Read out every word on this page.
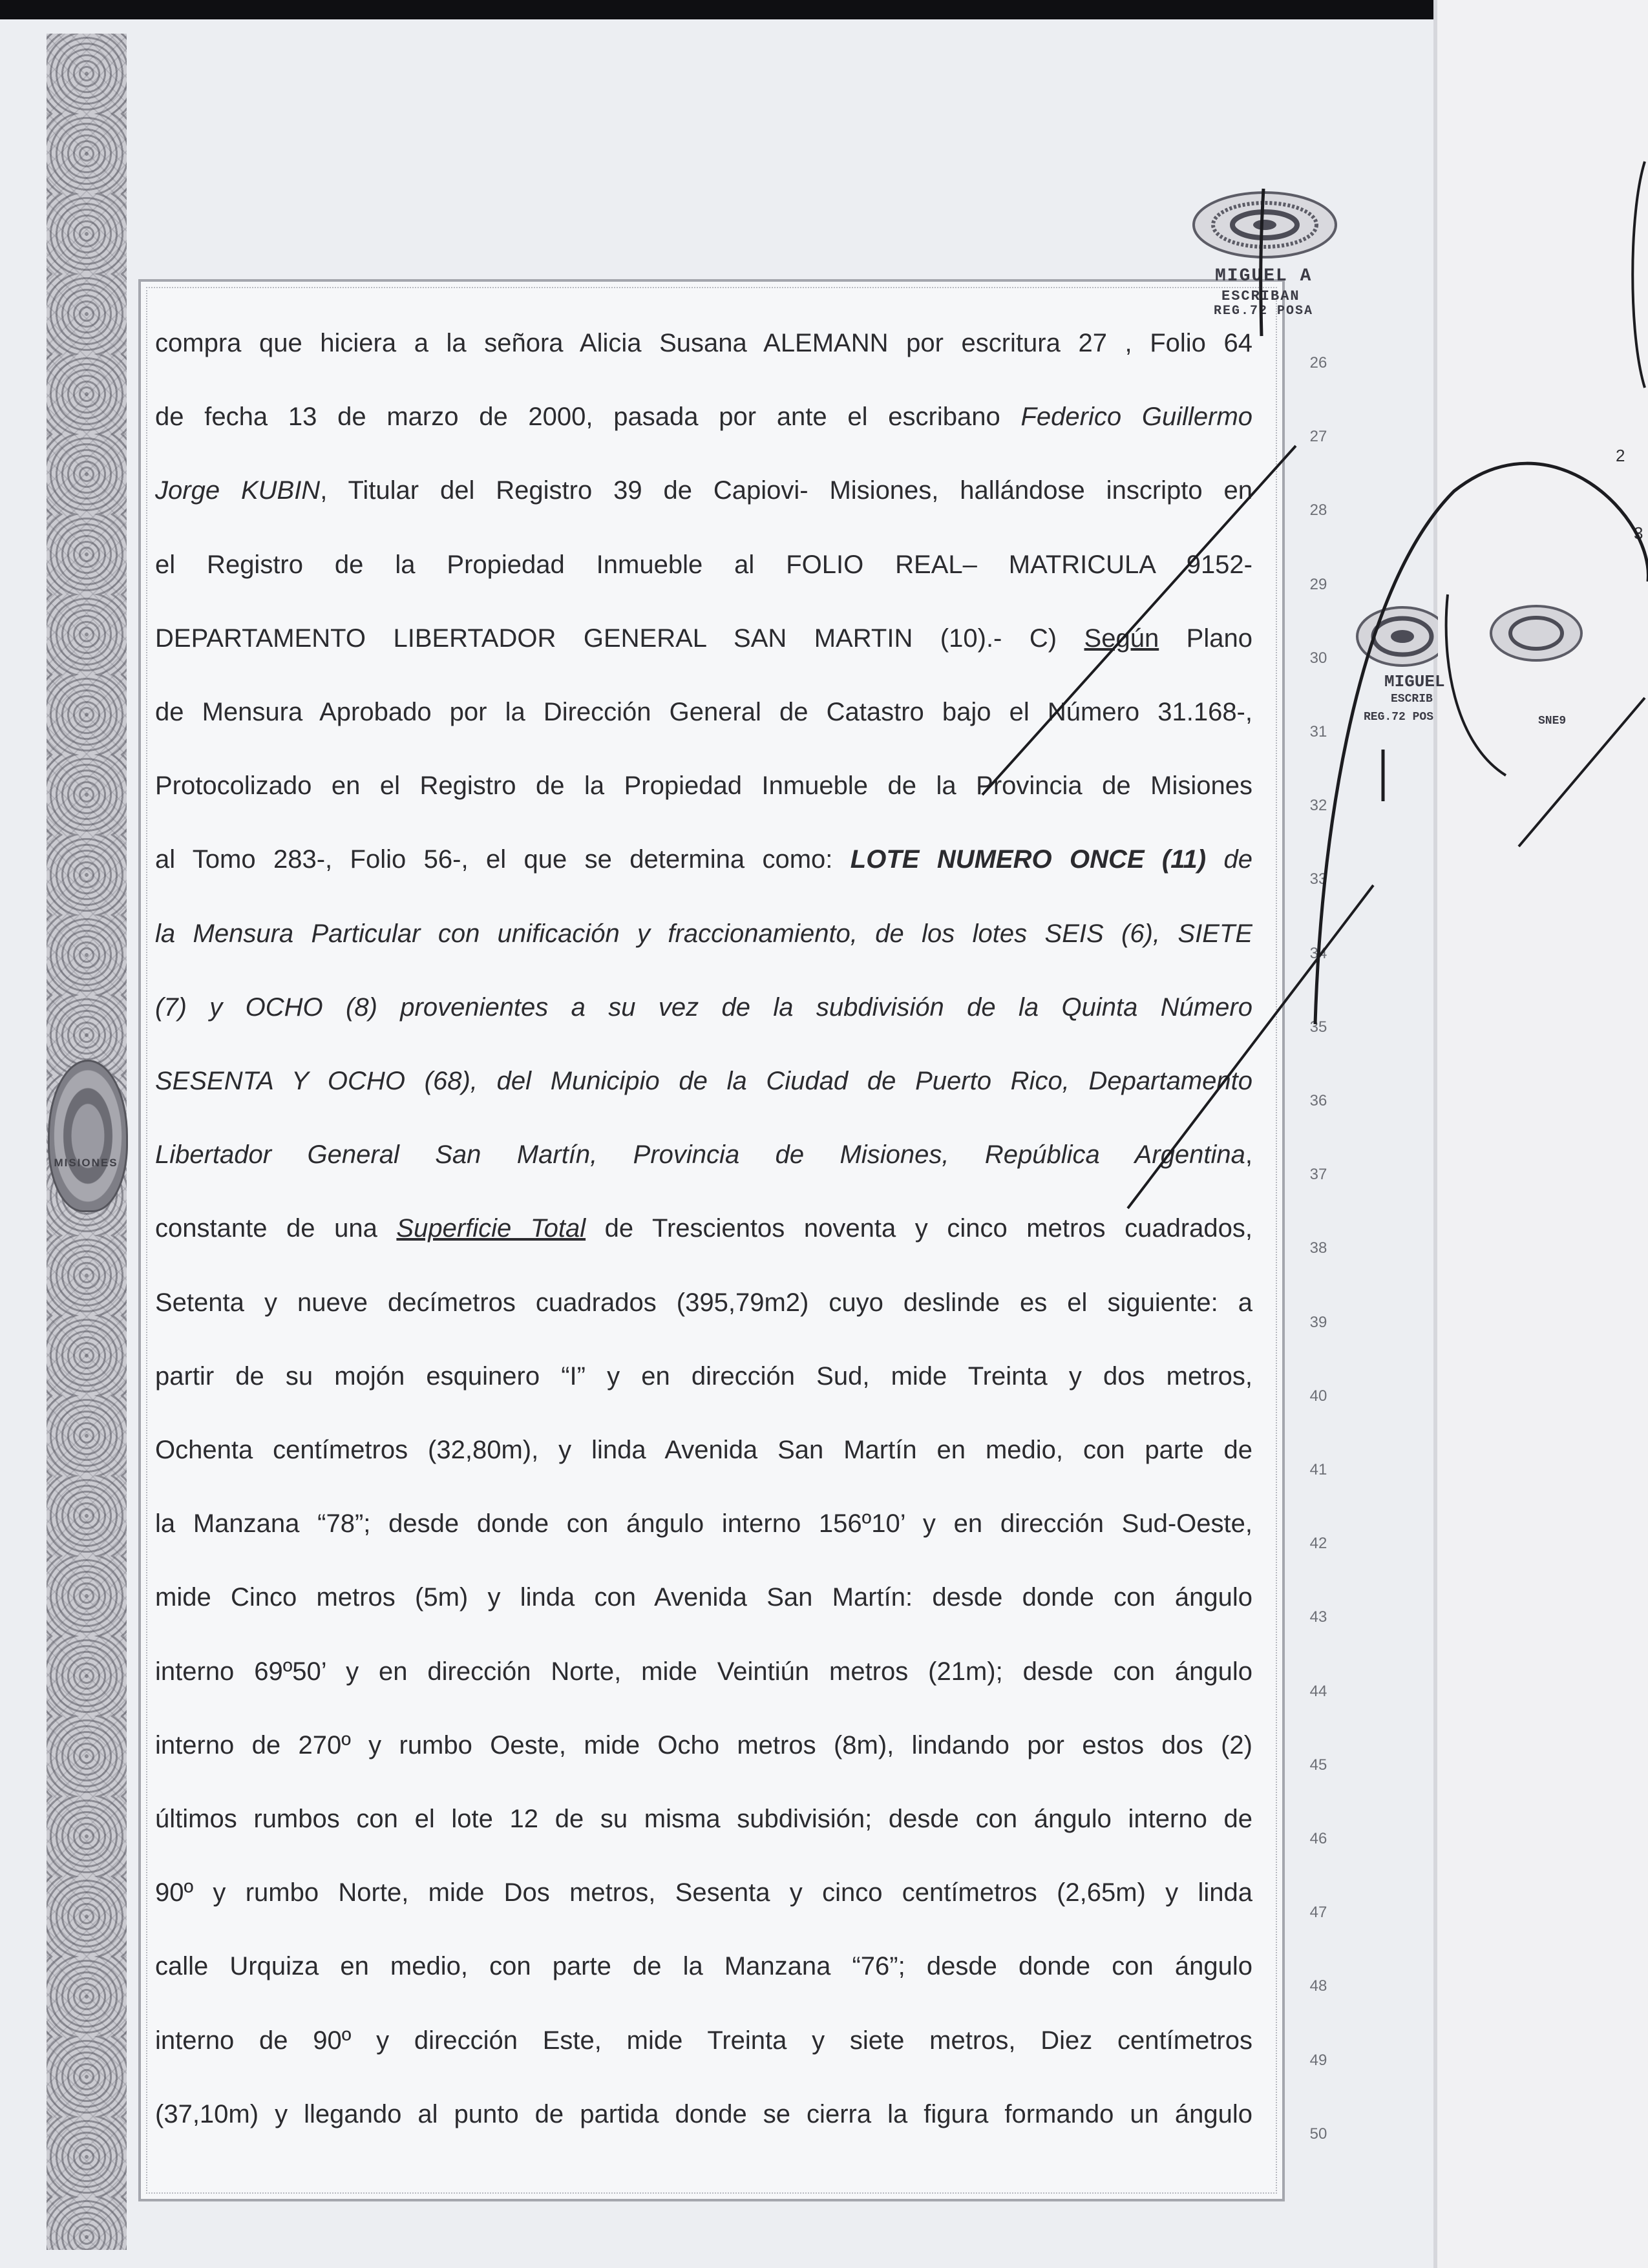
MISIONES
MIGUEL A
ESCRIBAN
REG.72 POSA
MIGUEL
ESCRIB
REG.72 POS	SNE9
2
3
compra que hiciera a la señora Alicia Susana ALEMANN por escritura 27 , Folio 64
de fecha 13 de marzo de 2000, pasada por ante el escribano Federico Guillermo
Jorge KUBIN, Titular del Registro 39 de Capiovi- Misiones, hallándose inscripto en
el Registro de la Propiedad Inmueble al FOLIO REAL– MATRICULA 9152-
DEPARTAMENTO LIBERTADOR GENERAL SAN MARTIN (10).- C) Según Plano
de Mensura Aprobado por la Dirección General de Catastro bajo el Número 31.168-,
Protocolizado en el Registro de la Propiedad Inmueble de la Provincia de Misiones
al Tomo 283-, Folio 56-, el que se determina como: LOTE NUMERO ONCE (11) de
la Mensura Particular con unificación y fraccionamiento, de los lotes SEIS (6), SIETE
(7) y OCHO (8) provenientes a su vez de la subdivisión de la Quinta Número
SESENTA Y OCHO (68), del Municipio de la Ciudad de Puerto Rico, Departamento
Libertador General San Martín, Provincia de Misiones, República Argentina,
constante de una Superficie Total de Trescientos noventa y cinco metros cuadrados,
Setenta y nueve decímetros cuadrados (395,79m2) cuyo deslinde es el siguiente: a
partir de su mojón esquinero “I” y en dirección Sud, mide Treinta y dos metros,
Ochenta centímetros (32,80m), y linda Avenida San Martín en medio, con parte de
la Manzana “78”; desde donde con ángulo interno 156º10’ y en dirección Sud-Oeste,
mide Cinco metros (5m) y linda con Avenida San Martín: desde donde con ángulo
interno 69º50’ y en dirección Norte, mide Veintiún metros (21m); desde con ángulo
interno de 270º y rumbo Oeste, mide Ocho metros (8m), lindando por estos dos (2)
últimos rumbos con el lote 12 de su misma subdivisión; desde con ángulo interno de
90º y rumbo Norte, mide Dos metros, Sesenta y cinco centímetros (2,65m) y linda
calle Urquiza en medio, con parte de la Manzana “76”; desde donde con ángulo
interno de 90º y dirección Este, mide Treinta y siete metros, Diez centímetros
(37,10m) y llegando al punto de partida donde se cierra la figura formando un ángulo
26
27
28
29
30
31
32
33
34
35
36
37
38
39
40
41
42
43
44
45
46
47
48
49
50
